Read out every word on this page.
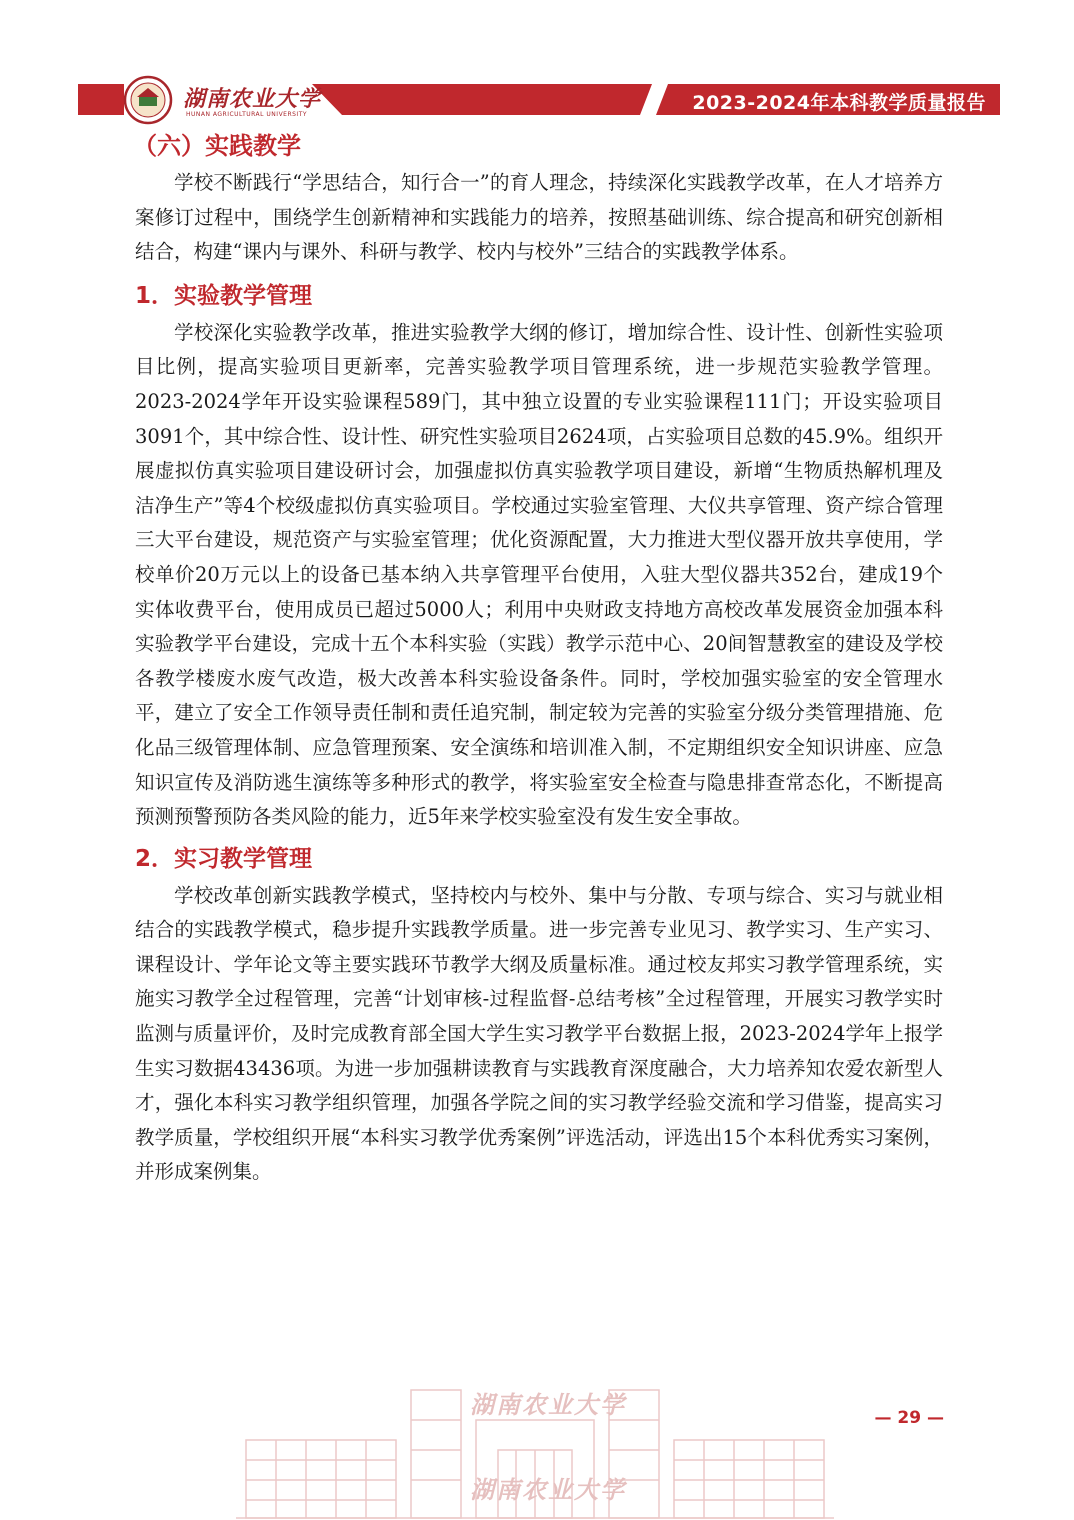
湖南农业大学
HUNAN AGRICULTURAL UNIVERSITY
2023-2024年本科教学质量报告
（六）实践教学

学校不断践行“学思结合，知行合一”的育人理念，持续深化实践教学改革，在人才培养方案修订过程中，围绕学生创新精神和实践能力的培养，按照基础训练、综合提高和研究创新相结合，构建“课内与课外、科研与教学、校内与校外”三结合的实践教学体系。

1．实验教学管理

学校深化实验教学改革，推进实验教学大纲的修订，增加综合性、设计性、创新性实验项目比例，提高实验项目更新率，完善实验教学项目管理系统，进一步规范实验教学管理。2023-2024学年开设实验课程589门，其中独立设置的专业实验课程111门；开设实验项目3091个，其中综合性、设计性、研究性实验项目2624项，占实验项目总数的45.9%。组织开展虚拟仿真实验项目建设研讨会，加强虚拟仿真实验教学项目建设，新增“生物质热解机理及洁净生产”等4个校级虚拟仿真实验项目。学校通过实验室管理、大仪共享管理、资产综合管理三大平台建设，规范资产与实验室管理；优化资源配置，大力推进大型仪器开放共享使用，学校单价20万元以上的设备已基本纳入共享管理平台使用，入驻大型仪器共352台，建成19个实体收费平台，使用成员已超过5000人；利用中央财政支持地方高校改革发展资金加强本科实验教学平台建设，完成十五个本科实验（实践）教学示范中心、20间智慧教室的建设及学校各教学楼废水废气改造，极大改善本科实验设备条件。同时，学校加强实验室的安全管理水平，建立了安全工作领导责任制和责任追究制，制定较为完善的实验室分级分类管理措施、危化品三级管理体制、应急管理预案、安全演练和培训准入制，不定期组织安全知识讲座、应急知识宣传及消防逃生演练等多种形式的教学，将实验室安全检查与隐患排查常态化，不断提高预测预警预防各类风险的能力，近5年来学校实验室没有发生安全事故。

2．实习教学管理

学校改革创新实践教学模式，坚持校内与校外、集中与分散、专项与综合、实习与就业相结合的实践教学模式，稳步提升实践教学质量。进一步完善专业见习、教学实习、生产实习、课程设计、学年论文等主要实践环节教学大纲及质量标准。通过校友邦实习教学管理系统，实施实习教学全过程管理，完善“计划审核-过程监督-总结考核”全过程管理，开展实习教学实时监测与质量评价，及时完成教育部全国大学生实习教学平台数据上报，2023-2024学年上报学生实习数据43436项。为进一步加强耕读教育与实践教育深度融合，大力培养知农爱农新型人才，强化本科实习教学组织管理，加强各学院之间的实习教学经验交流和学习借鉴，提高实习教学质量，学校组织开展“本科实习教学优秀案例”评选活动，评选出15个本科优秀实习案例，并形成案例集。

湖南农业大学
湖南农业大学
— 29 —
